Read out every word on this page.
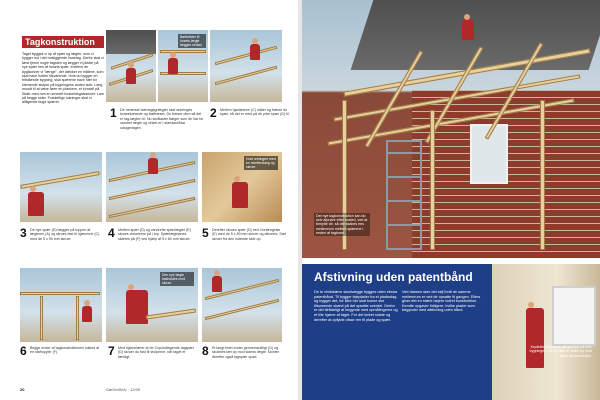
Tagkonstruktion
Taget bygges vi op af spær og lægter, som vi bygger ind i det hosliggende husetag. Derfor skal vi først fjerne nogle tagsten og lægger vi plader på nye spær hen af husets spær. Imellem de bygikonner vi "længe", der dækker en målene, som skal have hotten tilsvarende. Hvis du bygger en fritstående bygning, skal spærene have hæl for klemende stolper på bygningens anden side. Lang mundt til at være fører en plankem, et konsell på. Skær med mm en smedet forskeldsgalvaniser. Lam på begge sider. Forskellige lukninger skal vi altilgende buge spæret.
Bæltelister til husets lægte lægges nedad.
1 De nederste tværtagsgrlægter skal anbringes kvatrekantede og fastfræset. Du fræser dem så det er tag-lægten til. Nu skrålaster bølger som de har for vandret lægte og vinkel-er i standard/fast udsigerlagen.
2 Mellem hjørlærene (C) måler og fræser du spær, så det er med på de ydre spær (D) til.
Hold retningen med en nivellerstang og skruer.
3 De nye spær (D) lægges på toppen af lægteren (A) og skrues fast til hjørnerne (C) med de 5 x 90 mm skruer.	4 Mellem spær (D) og vandrette spærlægter (E) skrues vinkelerne på i top. Spærlægtdanes skæres på (F) ved hjælp af 5 x 60 mm skruer. 5 Derefter skrues spær (D) ned i forlængelse (E) med de 5 x 80 mm skruer og afkortes. Sæt skruer fra den inderste side op.
Den nye lægte fastholdes med skruer.
6 Begge ender af tagkonstruktionen lukkes af en stafruyyler (F).	7 Med hjørnelærer af de 3 lysindtagende tagspær (D) skruer du fast til stolperne, når taget er færdigt.	8 Et langt bræt ender gennemsnitligt (G) og skubbes tæt op mod sidens lægte. Monter derefter også tagspær opad.
20	GørDetSelv · 12/09
Det nye tagkonstruktion kan du selv afprøve efter hosted, ved at benytte de, så der skabes ens mellemrum mellem spærene i resten af tagbuen.
Afstivning uden patentbånd
De to vindskæve skudvægge bygges uden ekstra patentbånd. Til bygger lejeplader fra et pladestag og bygger det, for ikke her skal kunne ske tilsvarende skævt på det opsatte overdel. Derfor er det tilrådeligt at begynde med opmålingerne og et lille hjørne af taget. For det lodret sidste og derefter at opfylde disse ren til plade og spær.
Ved dansen sker det sejl fordi de samme mellemrum er ved de opsatte til gangen. Ellers giver det en stærk højere lodret konstruktion. Kendte opgaver tidligere, hvilke plader som begynder med afstivning uden bånd.
Krydsfinerpladerne skrues fast på hele bygningen, så det ikke er stabil op mod spær og tværlægter.
